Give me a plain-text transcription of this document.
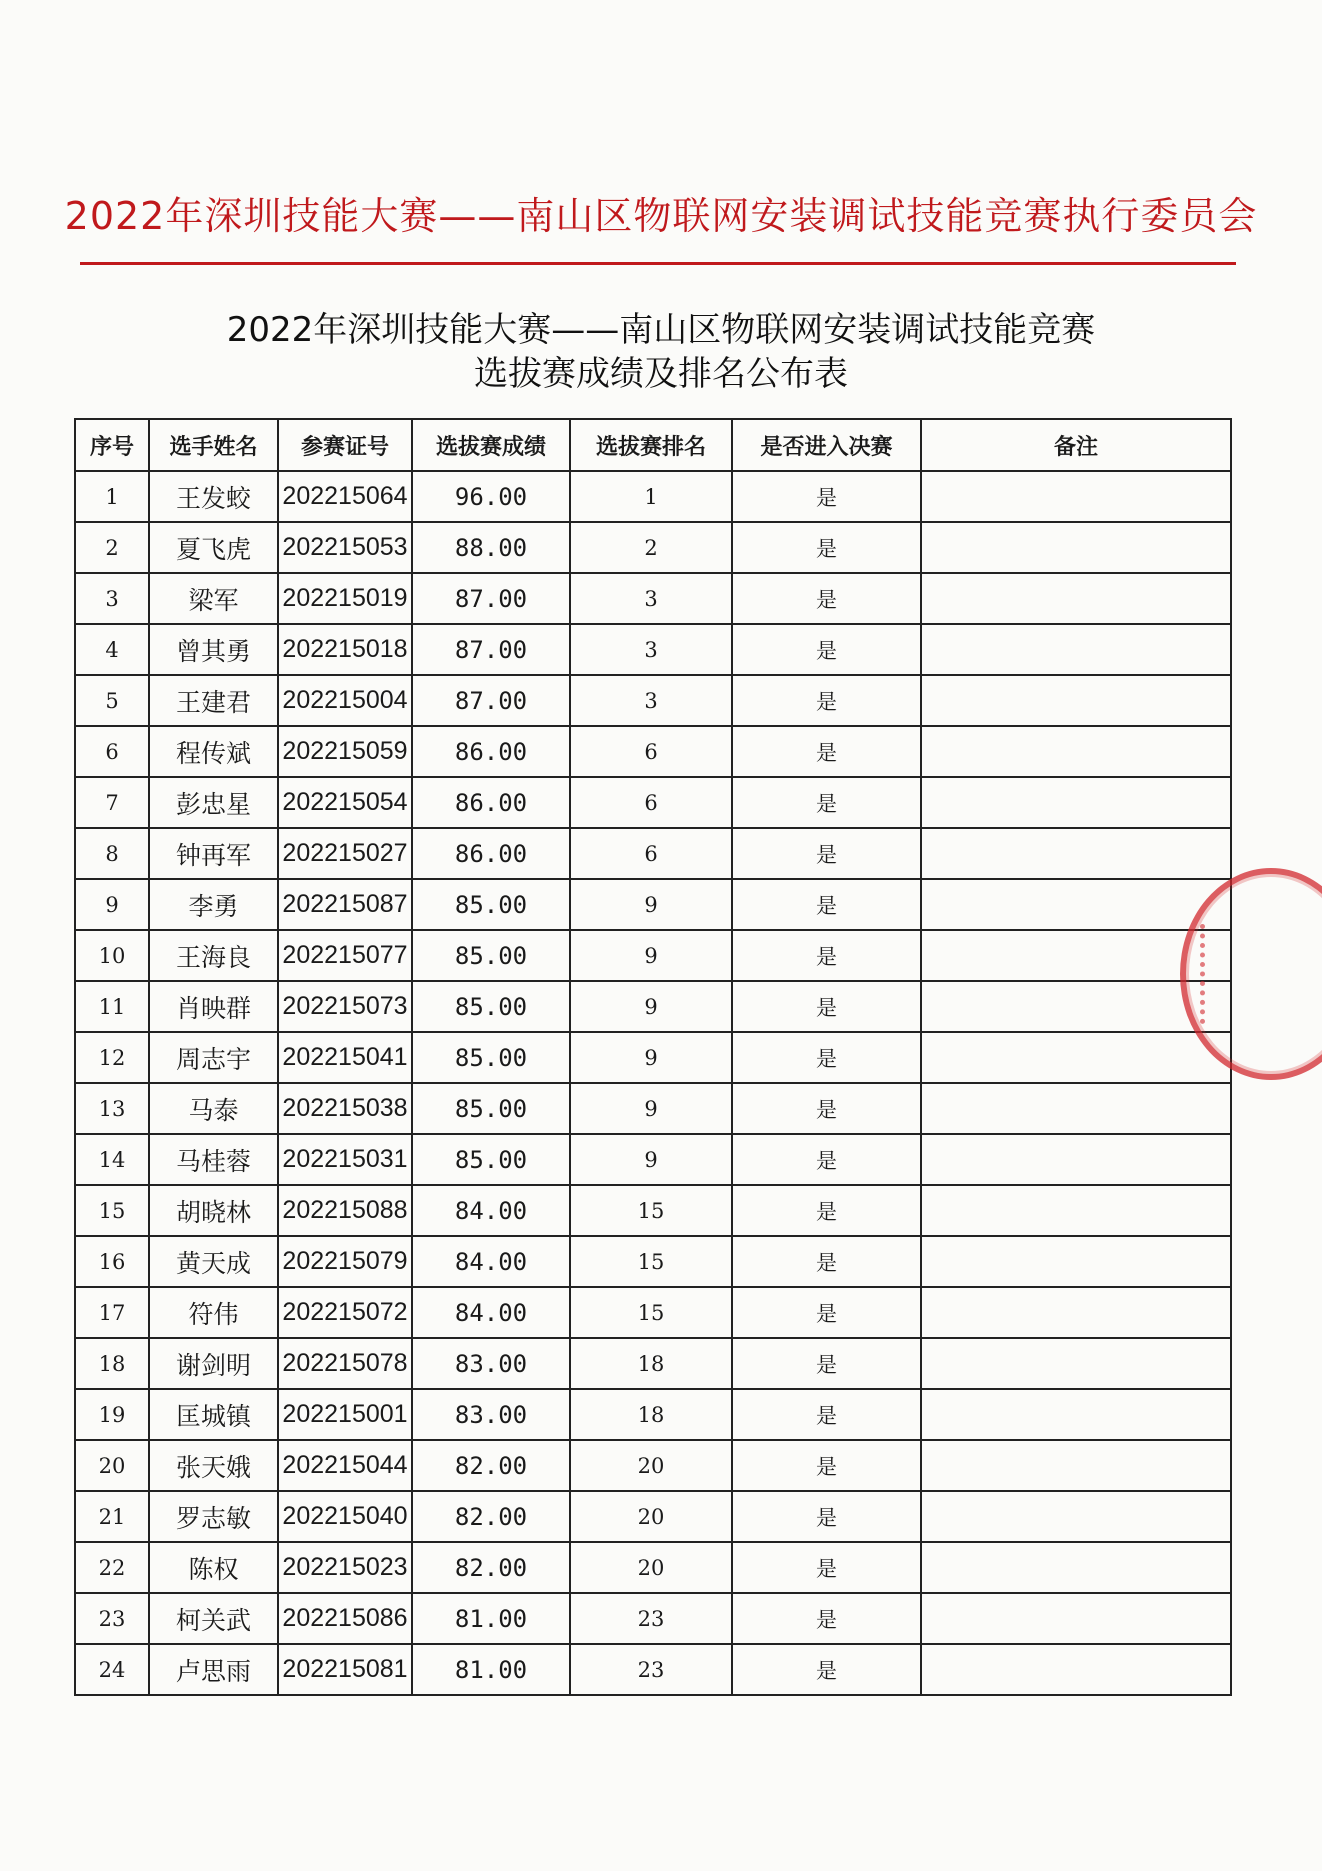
2022年深圳技能大赛——南山区物联网安装调试技能竞赛执行委员会
2022年深圳技能大赛——南山区物联网安装调试技能竞赛
选拔赛成绩及排名公布表
序号	选手姓名	参赛证号	选拔赛成绩	选拔赛排名	是否进入决赛	备注
1	王发蛟	202215064	96.00	1	是	
2	夏飞虎	202215053	88.00	2	是	
3	梁军	202215019	87.00	3	是	
4	曾其勇	202215018	87.00	3	是	
5	王建君	202215004	87.00	3	是	
6	程传斌	202215059	86.00	6	是	
7	彭忠星	202215054	86.00	6	是	
8	钟再军	202215027	86.00	6	是	
9	李勇	202215087	85.00	9	是	
10	王海良	202215077	85.00	9	是	
11	肖映群	202215073	85.00	9	是	
12	周志宇	202215041	85.00	9	是	
13	马泰	202215038	85.00	9	是	
14	马桂蓉	202215031	85.00	9	是	
15	胡晓林	202215088	84.00	15	是	
16	黄天成	202215079	84.00	15	是	
17	符伟	202215072	84.00	15	是	
18	谢剑明	202215078	83.00	18	是	
19	匡城镇	202215001	83.00	18	是	
20	张天娥	202215044	82.00	20	是	
21	罗志敏	202215040	82.00	20	是	
22	陈权	202215023	82.00	20	是	
23	柯关武	202215086	81.00	23	是	
24	卢思雨	202215081	81.00	23	是	
